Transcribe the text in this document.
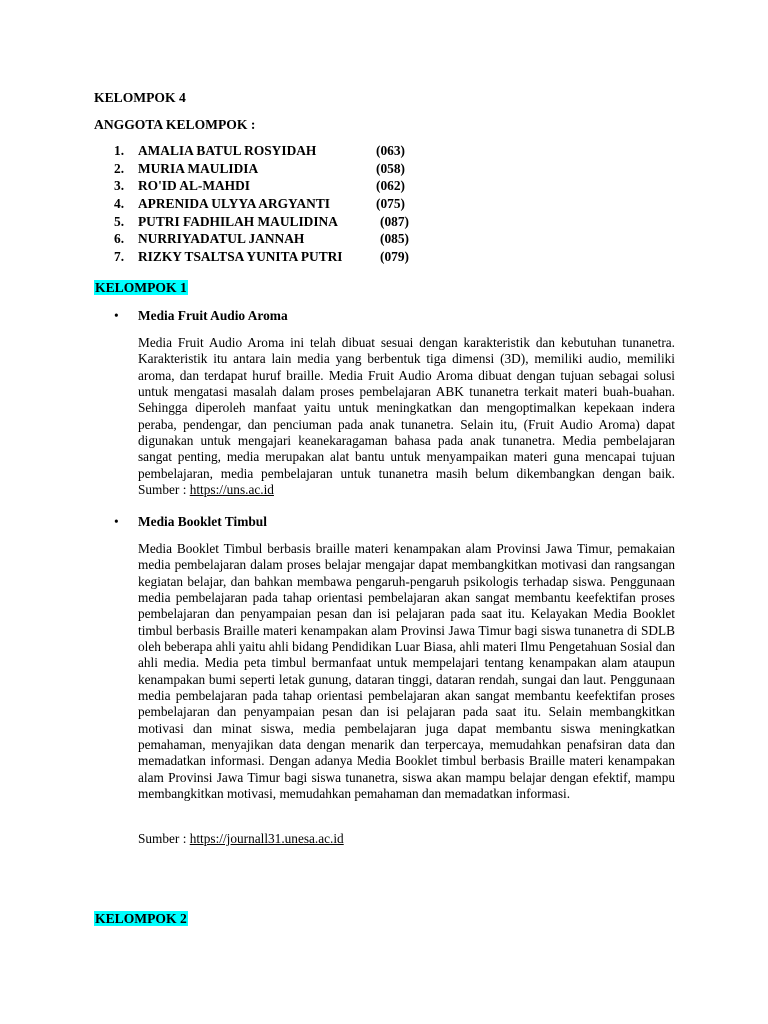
KELOMPOK 4
ANGGOTA KELOMPOK :
1.	AMALIA BATUL ROSYIDAH	(063)
2.	MURIA MAULIDIA	(058)
3.	RO'ID AL-MAHDI	(062)
4.	APRENIDA ULYYA ARGYANTI	(075)
5.	PUTRI FADHILAH MAULIDINA	(087)
6.	NURRIYADATUL JANNAH	(085)
7.	RIZKY TSALTSA YUNITA PUTRI	(079)
KELOMPOK 1
•	Media Fruit Audio Aroma

Media Fruit Audio Aroma ini telah dibuat sesuai dengan karakteristik dan kebutuhan tunanetra. Karakteristik itu antara lain media yang berbentuk tiga dimensi (3D), memiliki audio, memiliki aroma, dan terdapat huruf braille. Media Fruit Audio Aroma dibuat dengan tujuan sebagai solusi untuk mengatasi masalah dalam proses pembelajaran ABK tunanetra terkait materi buah-buahan. Sehingga diperoleh manfaat yaitu untuk meningkatkan dan mengoptimalkan kepekaan indera peraba, pendengar, dan penciuman pada anak tunanetra. Selain itu, (Fruit Audio Aroma) dapat digunakan untuk mengajari keanekaragaman bahasa pada anak tunanetra. Media pembelajaran sangat penting, media merupakan alat bantu untuk menyampaikan materi guna mencapai tujuan pembelajaran, media pembelajaran untuk tunanetra masih belum dikembangkan dengan baik. Sumber : https://uns.ac.id

•	Media Booklet Timbul

Media Booklet Timbul berbasis braille materi kenampakan alam Provinsi Jawa Timur, pemakaian media pembelajaran dalam proses belajar mengajar dapat membangkitkan motivasi dan rangsangan kegiatan belajar, dan bahkan membawa pengaruh-pengaruh psikologis terhadap siswa. Penggunaan media pembelajaran pada tahap orientasi pembelajaran akan sangat membantu keefektifan proses pembelajaran dan penyampaian pesan dan isi pelajaran pada saat itu. Kelayakan Media Booklet timbul berbasis Braille materi kenampakan alam Provinsi Jawa Timur bagi siswa tunanetra di SDLB oleh beberapa ahli yaitu ahli bidang Pendidikan Luar Biasa, ahli materi Ilmu Pengetahuan Sosial dan ahli media. Media peta timbul bermanfaat untuk mempelajari tentang kenampakan alam ataupun kenampakan bumi seperti letak gunung, dataran tinggi, dataran rendah, sungai dan laut. Penggunaan media pembelajaran pada tahap orientasi pembelajaran akan sangat membantu keefektifan proses pembelajaran dan penyampaian pesan dan isi pelajaran pada saat itu. Selain membangkitkan motivasi dan minat siswa, media pembelajaran juga dapat membantu siswa meningkatkan pemahaman, menyajikan data dengan menarik dan terpercaya, memudahkan penafsiran data dan memadatkan informasi. Dengan adanya Media Booklet timbul berbasis Braille materi kenampakan alam Provinsi Jawa Timur bagi siswa tunanetra, siswa akan mampu belajar dengan efektif, mampu membangkitkan motivasi, memudahkan pemahaman dan memadatkan informasi.

Sumber : https://journall31.unesa.ac.id
KELOMPOK 2
